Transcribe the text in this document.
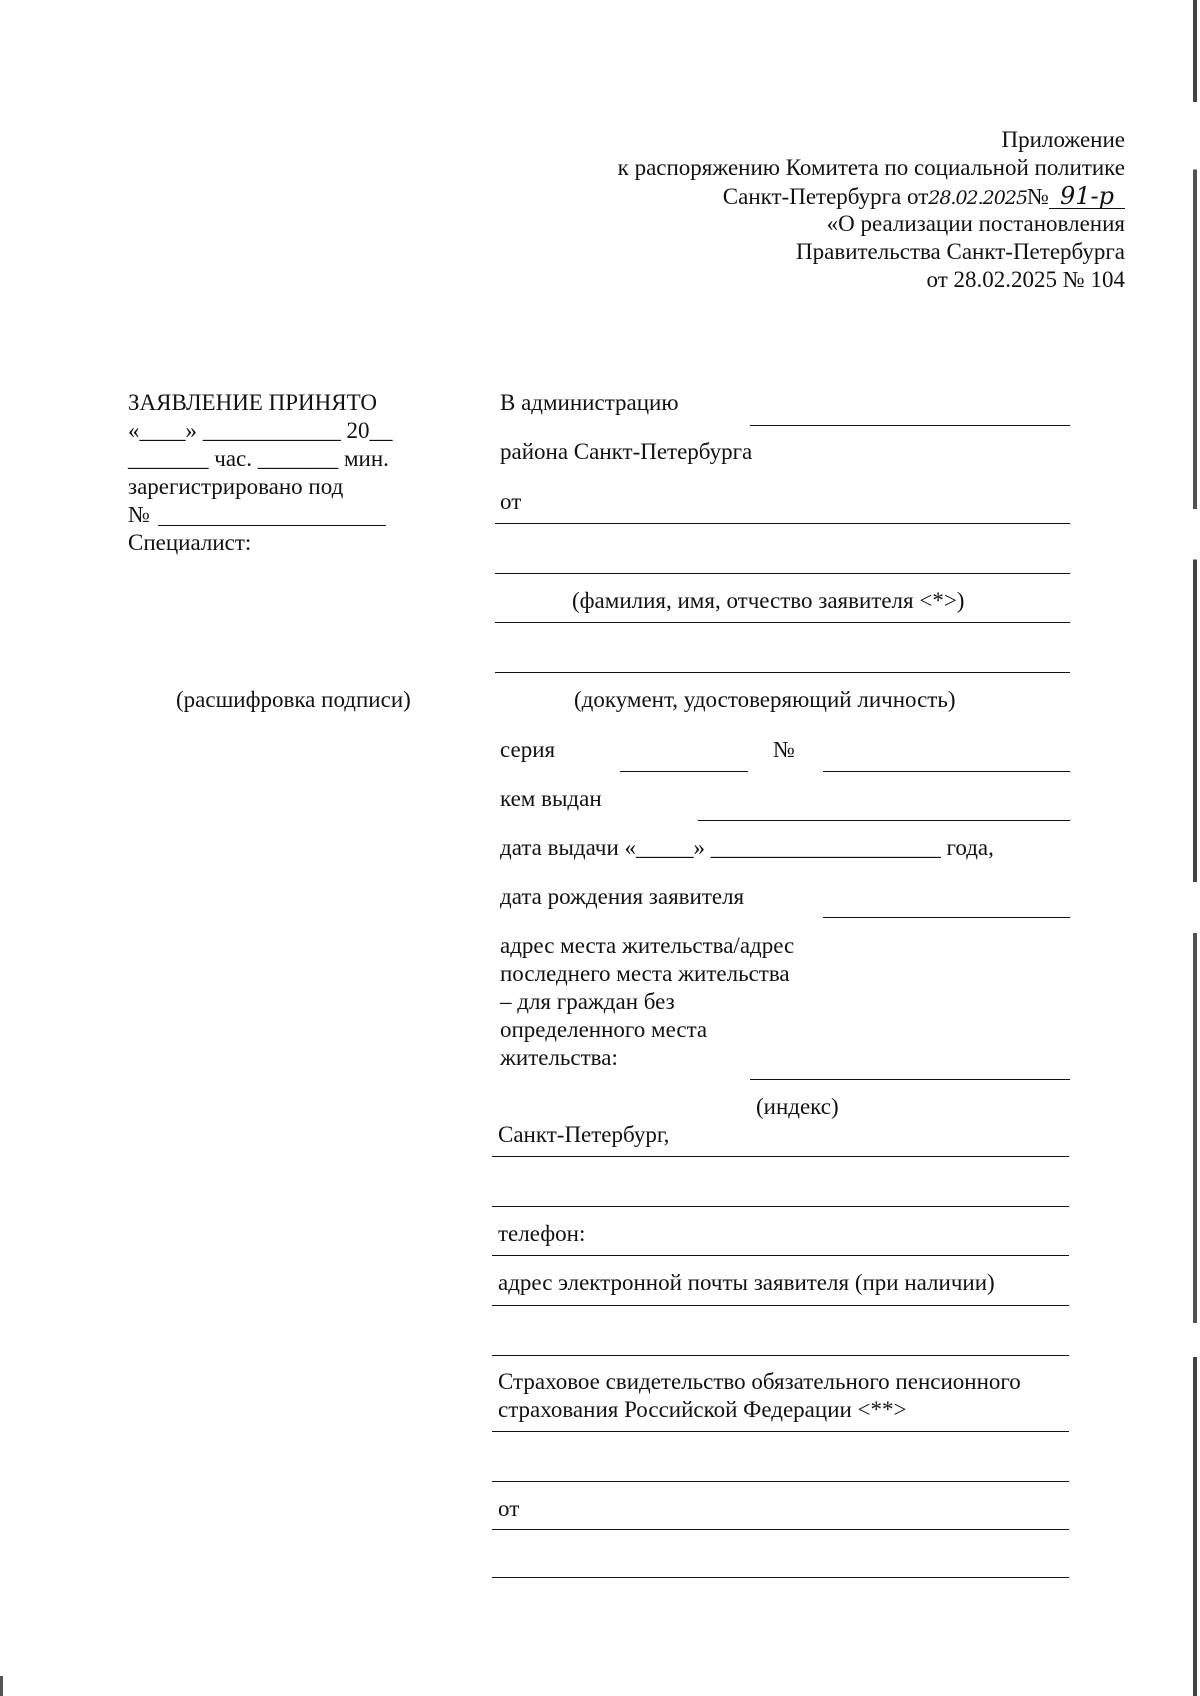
Приложение
к распоряжению Комитета по социальной политике
Санкт-Петербурга от28.02.2025№ 91-р
«О реализации постановления
Правительства Санкт-Петербурга
от 28.02.2025 № 104
ЗАЯВЛЕНИЕ ПРИНЯТО
«____» ____________ 20__
_______ час. _______ мин.
зарегистрировано под
№
Специалист:
(расшифровка подписи)
В администрацию
района Санкт-Петербурга
от
(фамилия, имя, отчество заявителя <*>)
(документ, удостоверяющий личность)
серия	№
кем выдан
дата выдачи «_____» ____________________ года,
дата рождения заявителя
адрес места жительства/адрес
последнего места жительства
– для граждан без
определенного места
жительства:
(индекс)
Санкт-Петербург,
телефон:
адрес электронной почты заявителя (при наличии)
Страховое свидетельство обязательного пенсионного
страхования Российской Федерации <**>
от
